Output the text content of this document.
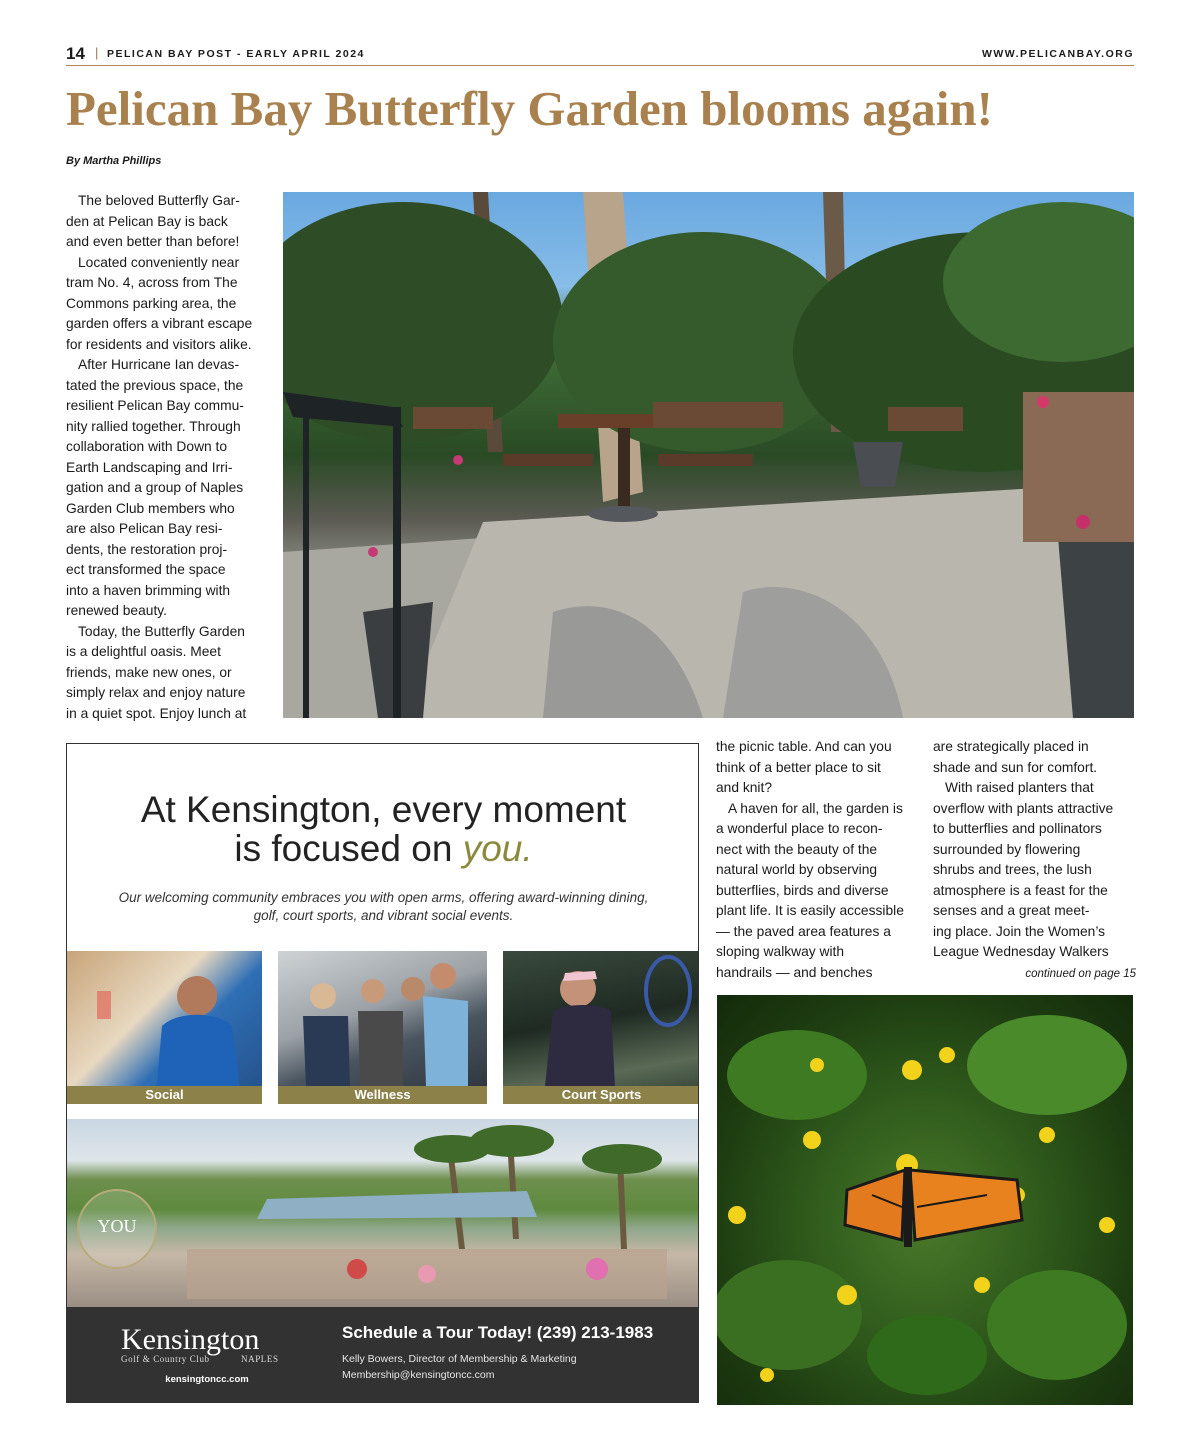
14 | PELICAN BAY POST - EARLY APRIL 2024	WWW.PELICANBAY.ORG
Pelican Bay Butterfly Garden blooms again!
By Martha Phillips

The beloved Butterfly Gar-
den at Pelican Bay is back
and even better than before!

Located conveniently near
tram No. 4, across from The
Commons parking area, the
garden offers a vibrant escape
for residents and visitors alike.

After Hurricane Ian devas-
tated the previous space, the
resilient Pelican Bay commu-
nity rallied together. Through
collaboration with Down to
Earth Landscaping and Irri-
gation and a group of Naples
Garden Club members who
are also Pelican Bay resi-
dents, the restoration proj-
ect transformed the space
into a haven brimming with
renewed beauty.

Today, the Butterfly Garden
is a delightful oasis. Meet
friends, make new ones, or
simply relax and enjoy nature
in a quiet spot. Enjoy lunch at

the picnic table. And can you
think of a better place to sit
and knit?

A haven for all, the garden is
a wonderful place to recon-
nect with the beauty of the
natural world by observing
butterflies, birds and diverse
plant life. It is easily accessible
— the paved area features a
sloping walkway with
handrails — and benches

are strategically placed in
shade and sun for comfort.

With raised planters that
overflow with plants attractive
to butterflies and pollinators
surrounded by flowering
shrubs and trees, the lush
atmosphere is a feast for the
senses and a great meet-
ing place. Join the Women’s
League Wednesday Walkers

continued on page 15
At Kensington, every moment
is focused on you.
Our welcoming community embraces you with open arms, offering award-winning dining, golf, court sports, and vibrant social events.
Social	Wellness	Court Sports
YOU
Kensington
Golf & Country Club	NAPLES
kensingtoncc.com
Schedule a Tour Today! (239) 213-1983
Kelly Bowers, Director of Membership & Marketing
Membership@kensingtoncc.com
